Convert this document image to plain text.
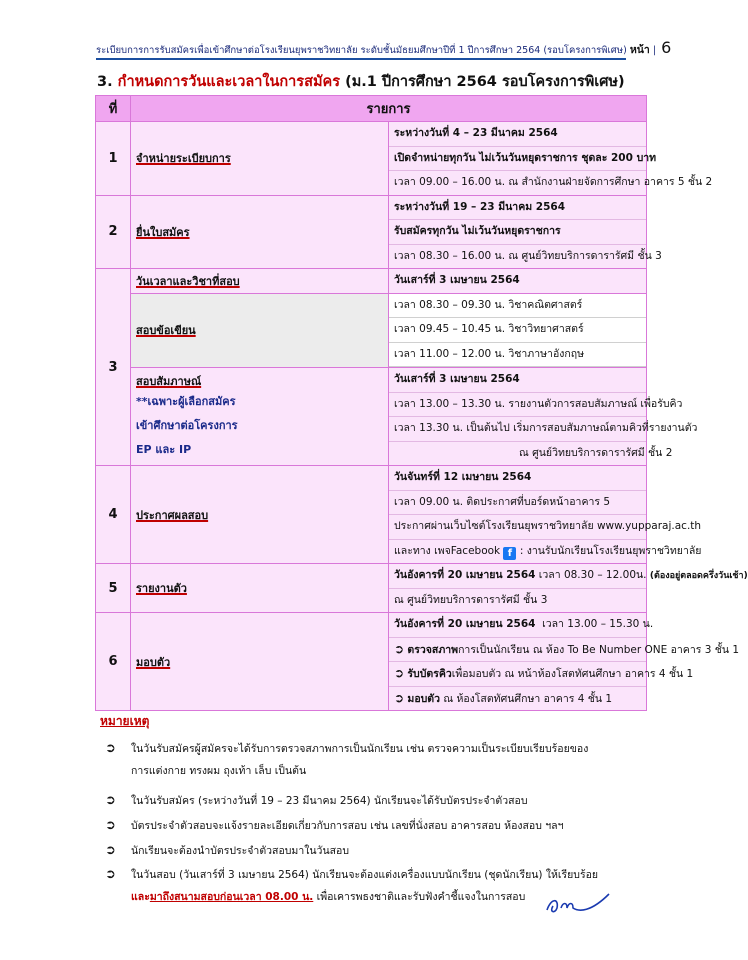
ระเบียบการการรับสมัครเพื่อเข้าศึกษาต่อโรงเรียนยุพราชวิทยาลัย ระดับชั้นมัธยมศึกษาปีที่ 1 ปีการศึกษา 2564 (รอบโครงการพิเศษ) หน้า | 6
3. กำหนดการวันและเวลาในการสมัคร (ม.1 ปีการศึกษา 2564 รอบโครงการพิเศษ)
ที่	รายการ	
1	จำหน่ายระเบียบการ	ระหว่างวันที่ 4 – 23 มีนาคม 2564
เปิดจำหน่ายทุกวัน ไม่เว้นวันหยุดราชการ ชุดละ 200 บาท
เวลา 09.00 – 16.00 น. ณ สำนักงานฝ่ายจัดการศึกษา อาคาร 5 ชั้น 2

2	ยื่นใบสมัคร	ระหว่างวันที่ 19 – 23 มีนาคม 2564
รับสมัครทุกวัน ไม่เว้นวันหยุดราชการ
เวลา 08.30 – 16.00 น. ณ ศูนย์วิทยบริการดารารัศมี ชั้น 3

3	วันเวลาและวิชาที่สอบ	วันเสาร์ที่ 3 เมษายน 2564

	สอบข้อเขียน	เวลา 08.30 – 09.30 น. วิชาคณิตศาสตร์
เวลา 09.45 – 10.45 น. วิชาวิทยาศาสตร์
เวลา 11.00 – 12.00 น. วิชาภาษาอังกฤษ

	สอบสัมภาษณ์
**เฉพาะผู้เลือกสมัคร
เข้าศึกษาต่อโครงการ
EP และ IP	วันเสาร์ที่ 3 เมษายน 2564
เวลา 13.00 – 13.30 น. รายงานตัวการสอบสัมภาษณ์ เพื่อรับคิว
เวลา 13.30 น. เป็นต้นไป เริ่มการสอบสัมภาษณ์ตามคิวที่รายงานตัว
ณ ศูนย์วิทยบริการดารารัศมี ชั้น 2

4	ประกาศผลสอบ	วันจันทร์ที่ 12 เมษายน 2564
เวลา 09.00 น. ติดประกาศที่บอร์ดหน้าอาคาร 5
ประกาศผ่านเว็บไซต์โรงเรียนยุพราชวิทยาลัย www.yupparaj.ac.th
และทาง เพจFacebook f : งานรับนักเรียนโรงเรียนยุพราชวิทยาลัย

5	รายงานตัว	วันอังคารที่ 20 เมษายน 2564 เวลา 08.30 – 12.00น. (ต้องอยู่ตลอดครึ่งวันเช้า)
ณ ศูนย์วิทยบริการดารารัศมี ชั้น 3

6	มอบตัว	วันอังคารที่ 20 เมษายน 2564 เวลา 13.00 – 15.30 น.
➲ ตรวจสภาพการเป็นนักเรียน ณ ห้อง To Be Number ONE อาคาร 3 ชั้น 1
➲ รับบัตรคิวเพื่อมอบตัว ณ หน้าห้องโสตทัศนศึกษา อาคาร 4 ชั้น 1
➲ มอบตัว ณ ห้องโสตทัศนศึกษา อาคาร 4 ชั้น 1
หมายเหตุ
➲ ในวันรับสมัครผู้สมัครจะได้รับการตรวจสภาพการเป็นนักเรียน เช่น ตรวจความเป็นระเบียบเรียบร้อยของ
การแต่งกาย ทรงผม ถุงเท้า เล็บ เป็นต้น
➲ ในวันรับสมัคร (ระหว่างวันที่ 19 – 23 มีนาคม 2564) นักเรียนจะได้รับบัตรประจำตัวสอบ
➲ บัตรประจำตัวสอบจะแจ้งรายละเอียดเกี่ยวกับการสอบ เช่น เลขที่นั่งสอบ อาคารสอบ ห้องสอบ ฯลฯ
➲ นักเรียนจะต้องนำบัตรประจำตัวสอบมาในวันสอบ
➲ ในวันสอบ (วันเสาร์ที่ 3 เมษายน 2564) นักเรียนจะต้องแต่งเครื่องแบบนักเรียน (ชุดนักเรียน) ให้เรียบร้อย
และมาถึงสนามสอบก่อนเวลา 08.00 น. เพื่อเคารพธงชาติและรับฟังคำชี้แจงในการสอบ
